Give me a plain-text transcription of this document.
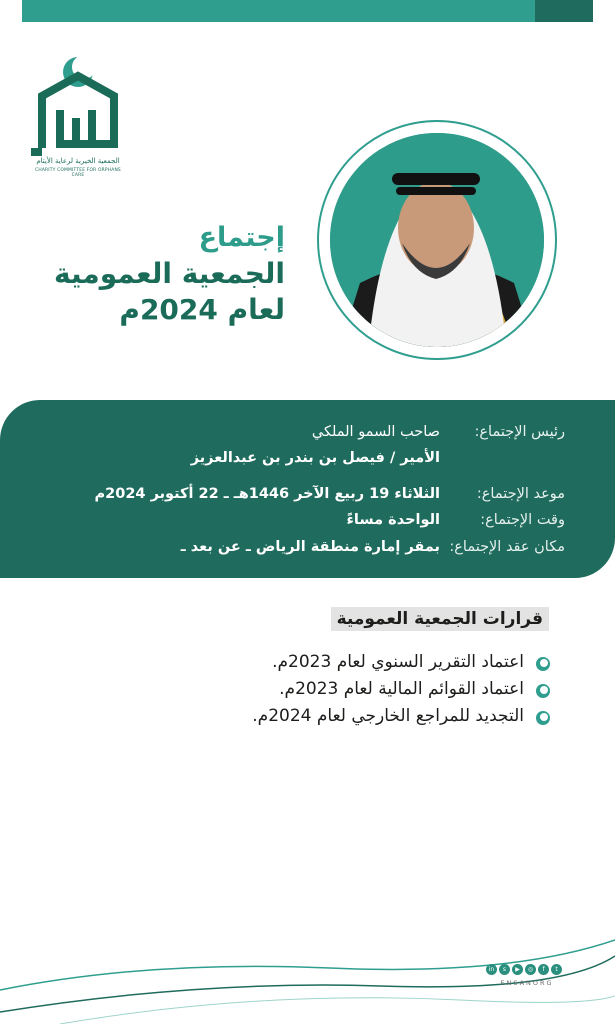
الجمعية الخيرية لرعاية الأيتام
CHARITY COMMITTEE FOR ORPHANS CARE
إجتماع
الجمعية العمومية
لعام 2024م
رئيس الإجتماع:
صاحب السمو الملكي
الأمير / فيصل بن بندر بن عبدالعزيز
موعد الإجتماع:
الثلاثاء 19 ربيع الآخر 1446هـ ـ 22 أكتوبر 2024م
وقت الإجتماع:
الواحدة مساءً
مكان عقد الإجتماع:
بمقر إمارة منطقة الرياض ـ عن بعد ـ
قرارات الجمعية العمومية
اعتماد التقرير السنوي لعام 2023م.
اعتماد القوائم المالية لعام 2023م.
التجديد للمراجع الخارجي لعام 2024م.
in s ▶ ◎ f t
ENSANORG
